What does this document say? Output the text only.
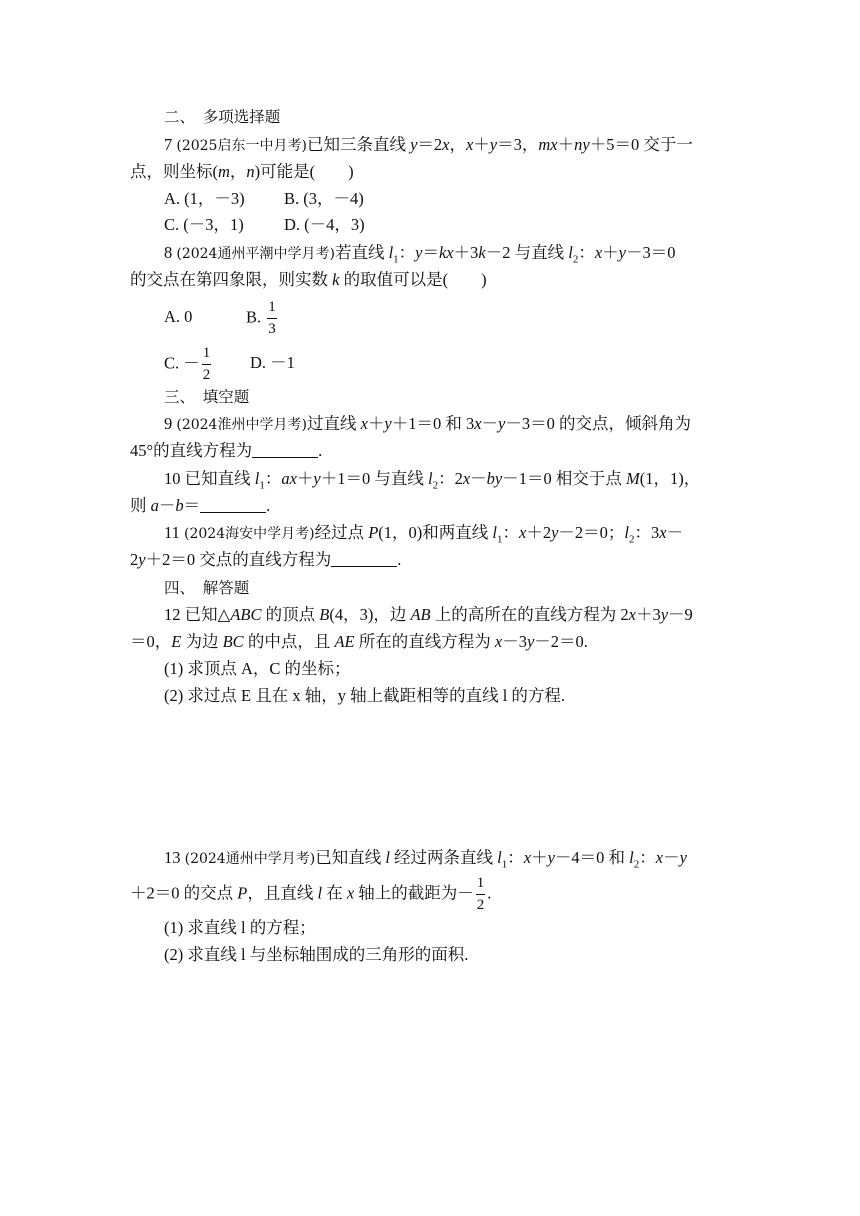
二、　多项选择题
7 (2025启东一中月考)已知三条直线 y＝2x，x＋y＝3，mx＋ny＋5＝0 交于一
点，则坐标(m，n)可能是(　　)
A. (1，－3) B. (3，－4)
C. (－3，1) D. (－4，3)
8 (2024通州平潮中学月考)若直线 $l_1$：y＝kx＋3k－2 与直线 $l_2$：x＋y－3＝0
的交点在第四象限，则实数 k 的取值可以是(　　)
A. 0	B. $\frac{1}{3}$
C. － $\frac{1}{2} D$. －1
三、　填空题
9 (2024淮州中学月考)过直线 x＋y＋1＝0 和 3x－y－3＝0 的交点，倾斜角为
45°的直线方程为	.
10 已知直线 $l_1$：ax＋y＋1＝0 与直线 $l_2$：2x－by－1＝0 相交于点 M(1，1)，
则 a－b＝	.
11 (2024海安中学月考)经过点 P(1，0)和两直线 $l_1$：x＋2y－2＝0；$l_2$：3x－
2y＋2＝0 交点的直线方程为	.
四、　解答题
12 已知△ABC 的顶点 B(4，3)，边 AB 上的高所在的直线方程为 2x＋3y－9
＝0，E 为边 BC 的中点，且 AE 所在的直线方程为 x－3y－2＝0.
(1) 求顶点 A，C 的坐标；
(2) 求过点 E 且在 x 轴，y 轴上截距相等的直线 l 的方程.
13 (2024通州中学月考)已知直线 l 经过两条直线 $l_1$：x＋y－4＝0 和 $l_2$：x－y
＋2＝0 的交点 P，且直线 l 在 x 轴上的截距为－ $\frac{1}{2}$ .
(1) 求直线 l 的方程；
(2) 求直线 l 与坐标轴围成的三角形的面积.
